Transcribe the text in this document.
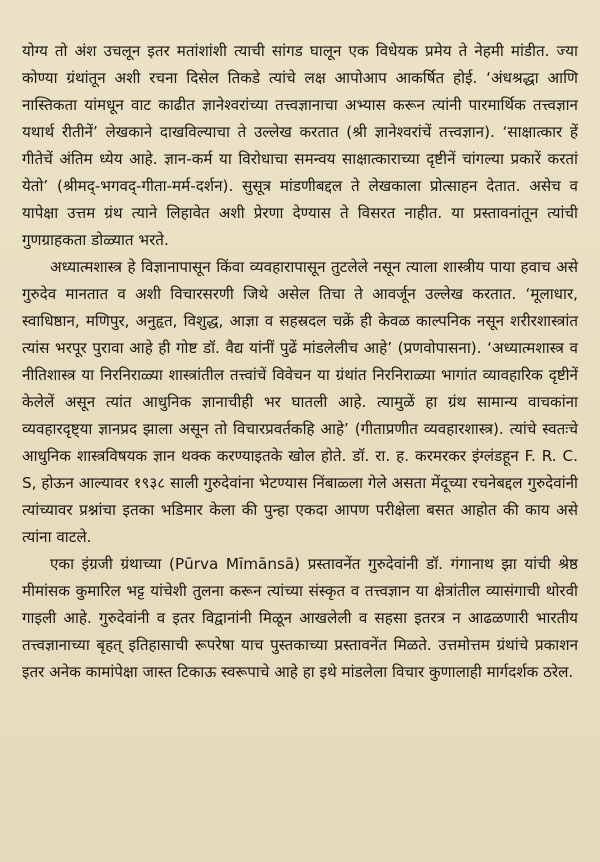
योग्य तो अंश उचलून इतर मतांशांशी त्याची सांगड घालून एक विधेयक प्रमेय ते नेहमी मांडीत. ज्या कोण्या ग्रंथांतून अशी रचना दिसेल तिकडे त्यांचे लक्ष आपोआप आकर्षित होई. ‘अंधश्रद्धा आणि नास्तिकता यांमधून वाट काढीत ज्ञानेश्वरांच्या तत्त्वज्ञानाचा अभ्यास करून त्यांनी पारमार्थिक तत्त्वज्ञान यथार्थ रीतीनें’ लेखकाने दाखविल्याचा ते उल्लेख करतात (श्री ज्ञानेश्वरांचें तत्त्वज्ञान). ‘साक्षात्कार हें गीतेचें अंतिम ध्येय आहे. ज्ञान-कर्म या विरोधाचा समन्वय साक्षात्काराच्या दृष्टीनें चांगल्या प्रकारें करतां येतो’ (श्रीमद्-भगवद्-गीता-मर्म-दर्शन). सुसूत्र मांडणीबद्दल ते लेखकाला प्रोत्साहन देतात. असेच व यापेक्षा उत्तम ग्रंथ त्याने लिहावेत अशी प्रेरणा देण्यास ते विसरत नाहीत. या प्रस्तावनांतून त्यांची गुणग्राहकता डोळ्यात भरते.

अध्यात्मशास्त्र हे विज्ञानापासून किंवा व्यवहारापासून तुटलेले नसून त्याला शास्त्रीय पाया हवाच असे गुरुदेव मानतात व अशी विचारसरणी जिथे असेल तिचा ते आवर्जून उल्लेख करतात. ‘मूलाधार, स्वाधिष्ठान, मणिपुर, अनुहृत, विशुद्ध, आज्ञा व सहस्रदल चक्रें ही केवळ काल्पनिक नसून शरीरशास्त्रांत त्यांस भरपूर पुरावा आहे ही गोष्ट डॉ. वैद्य यांनीं पुढें मांडलेलीच आहे’ (प्रणवोपासना). ‘अध्यात्मशास्त्र व नीतिशास्त्र या निरनिराळ्या शास्त्रांतील तत्त्वांचें विवेचन या ग्रंथांत निरनिराळ्या भागांत व्यावहारिक दृष्टीनें केलेलें असून त्यांत आधुनिक ज्ञानाचीही भर घातली आहे. त्यामुळें हा ग्रंथ सामान्य वाचकांना व्यवहारदृष्ट्या ज्ञानप्रद झाला असून तो विचारप्रवर्तकहि आहे’ (गीताप्रणीत व्यवहारशास्त्र). त्यांचे स्वतःचे आधुनिक शास्त्रविषयक ज्ञान थक्क करण्याइतके खोल होते. डॉ. रा. ह. करमरकर इंग्लंडहून F. R. C. S, होऊन आल्यावर १९३८ साली गुरुदेवांना भेटण्यास निंबाळ्ला गेले असता मेंदूच्या रचनेबद्दल गुरुदेवांनी त्यांच्यावर प्रश्नांचा इतका भडिमार केला की पुन्हा एकदा आपण परीक्षेला बसत आहोत की काय असे त्यांना वाटले.

एका इंग्रजी ग्रंथाच्या (Pūrva Mīmānsā) प्रस्तावनेंत गुरुदेवांनी डॉ. गंगानाथ झा यांची श्रेष्ठ मीमांसक कुमारिल भट्ट यांचेशी तुलना करून त्यांच्या संस्कृत व तत्त्वज्ञान या क्षेत्रांतील व्यासंगाची थोरवी गाइली आहे. गुरुदेवांनी व इतर विद्वानांनी मिळून आखलेली व सहसा इतरत्र न आढळणारी भारतीय तत्त्वज्ञानाच्या बृहत् इतिहासाची रूपरेषा याच पुस्तकाच्या प्रस्तावनेंत मिळते. उत्तमोत्तम ग्रंथांचे प्रकाशन इतर अनेक कामांपेक्षा जास्त टिकाऊ स्वरूपाचे आहे हा इथे मांडलेला विचार कुणालाही मार्गदर्शक ठरेल.
